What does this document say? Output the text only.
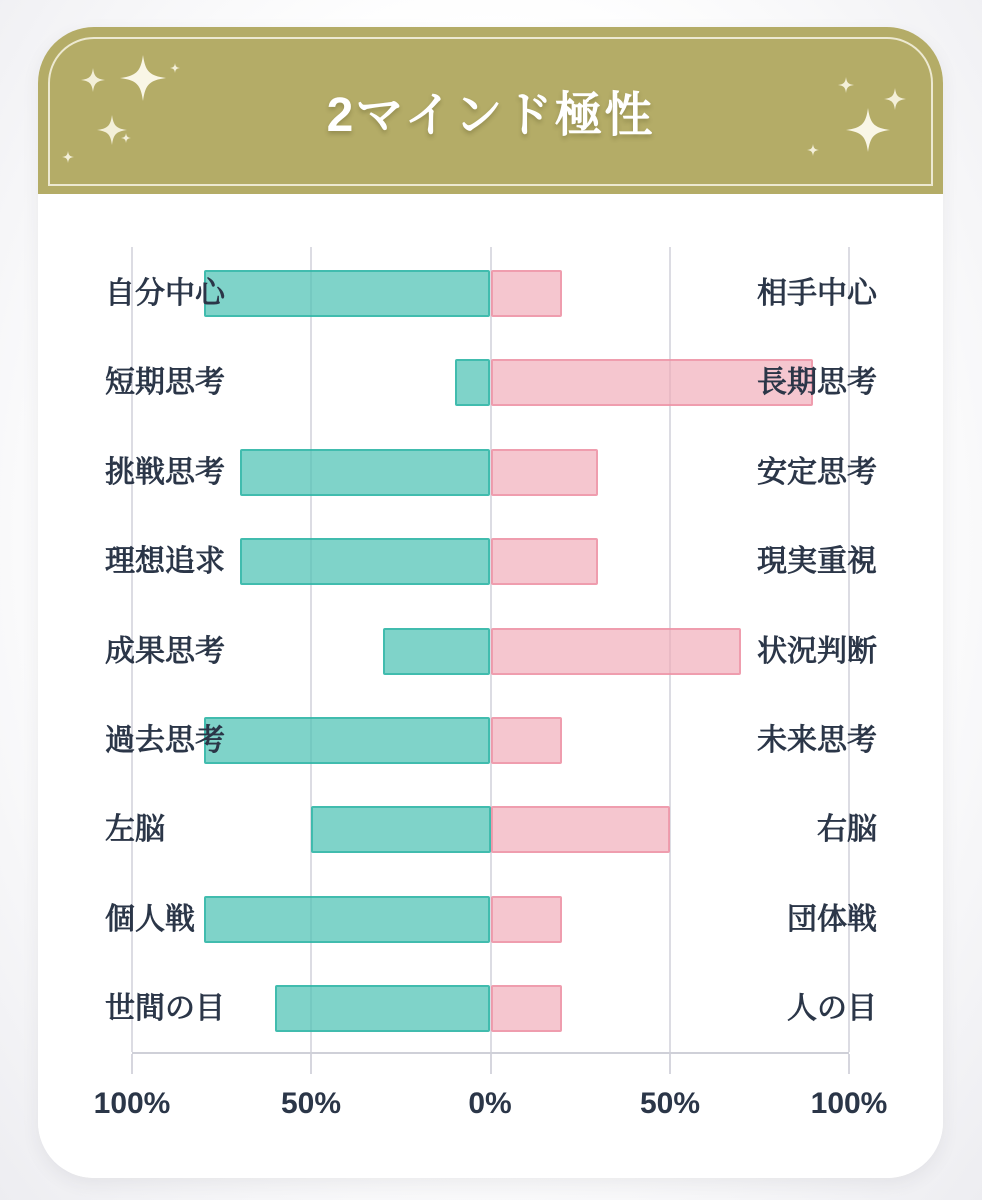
2マインド極性
100%	50%	0%	50%	100%
自分中心	相手中心
短期思考	長期思考
挑戦思考	安定思考
理想追求	現実重視
成果思考	状況判断
過去思考	未来思考
左脳	右脳
個人戦	団体戦
世間の目	人の目
